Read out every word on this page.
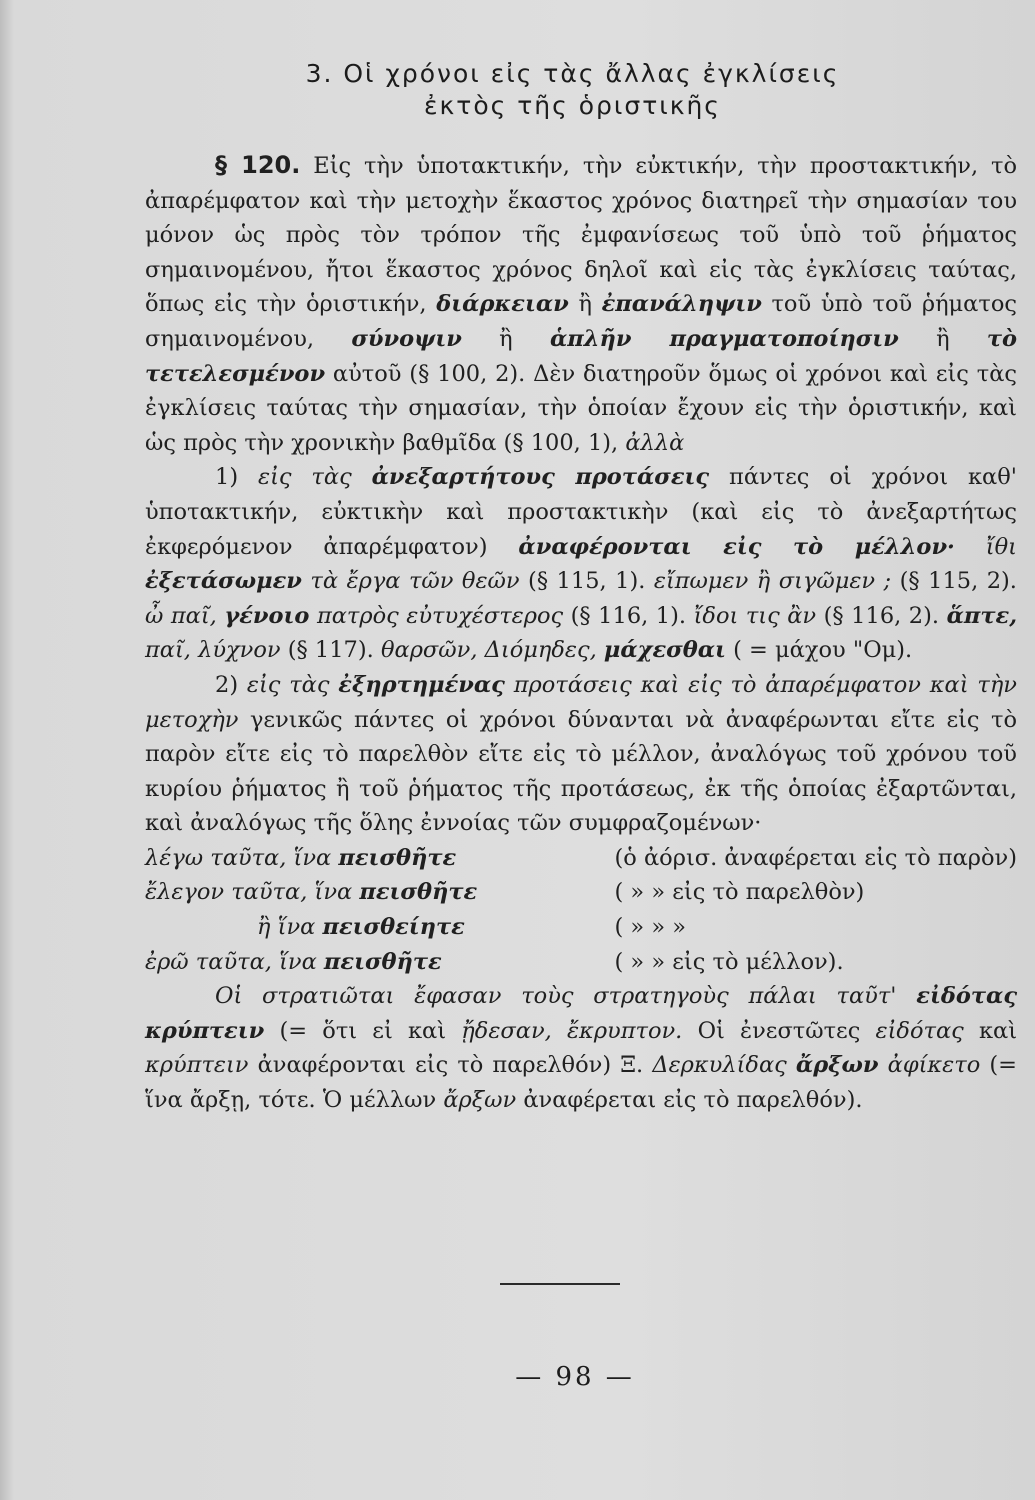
3. Οἱ χρόνοι εἰς τὰς ἄλλας ἐγκλίσεις
ἐκτὸς τῆς ὁριστικῆς

§ 120. Εἰς τὴν ὑποτακτικήν, τὴν εὐκτικήν, τὴν προστακτικήν, τὸ ἀπαρέμφατον καὶ τὴν μετοχὴν ἕκαστος χρόνος διατηρεῖ τὴν σημασίαν του μόνον ὡς πρὸς τὸν τρόπον τῆς ἐμφανίσεως τοῦ ὑπὸ τοῦ ῥήματος σημαινομένου, ἤτοι ἕκαστος χρόνος δηλοῖ καὶ εἰς τὰς ἐγκλίσεις ταύτας, ὅπως εἰς τὴν ὁριστικήν, διάρκειαν ἢ ἐπανάληψιν τοῦ ὑπὸ τοῦ ῥήματος σημαινομένου, σύνοψιν ἢ ἁπλῆν πραγματοποίησιν ἢ τὸ τετελεσμένον αὐτοῦ (§ 100, 2). Δὲν διατηροῦν ὅμως οἱ χρόνοι καὶ εἰς τὰς ἐγκλίσεις ταύτας τὴν σημασίαν, τὴν ὁποίαν ἔχουν εἰς τὴν ὁριστικήν, καὶ ὡς πρὸς τὴν χρονικὴν βαθμῖδα (§ 100, 1), ἀλλὰ

1) εἰς τὰς ἀνεξαρτήτους προτάσεις πάντες οἱ χρόνοι καθ' ὑποτακτικήν, εὐκτικὴν καὶ προστακτικὴν (καὶ εἰς τὸ ἀνεξαρτήτως ἐκφερόμενον ἀπαρέμφατον) ἀναφέρονται εἰς τὸ μέλλον· ἴθι ἐξετάσωμεν τὰ ἔργα τῶν θεῶν (§ 115, 1). εἴπωμεν ἢ σιγῶμεν ; (§ 115, 2). ὦ παῖ, γένοιο πατρὸς εὐτυχέστερος (§ 116, 1). ἴδοι τις ἂν (§ 116, 2). ἅπτε, παῖ, λύχνον (§ 117). θαρσῶν, Διόμηδες, μάχεσθαι ( = μάχου "Ομ).

2) εἰς τὰς ἐξηρτημένας προτάσεις καὶ εἰς τὸ ἀπαρέμφατον καὶ τὴν μετοχὴν γενικῶς πάντες οἱ χρόνοι δύνανται νὰ ἀναφέρωνται εἴτε εἰς τὸ παρὸν εἴτε εἰς τὸ παρελθὸν εἴτε εἰς τὸ μέλλον, ἀναλόγως τοῦ χρόνου τοῦ κυρίου ῥήματος ἢ τοῦ ῥήματος τῆς προτάσεως, ἐκ τῆς ὁποίας ἐξαρτῶνται, καὶ ἀναλόγως τῆς ὅλης ἐννοίας τῶν συμφραζομένων·

λέγω ταῦτα, ἵνα πεισθῆτε	(ὁ ἀόρισ. ἀναφέρεται εἰς τὸ παρὸν)
ἔλεγον ταῦτα, ἵνα πεισθῆτε	( » » εἰς τὸ παρελθὸν)
ἢ ἵνα πεισθείητε	( » » »
ἐρῶ ταῦτα, ἵνα πεισθῆτε	( » » εἰς τὸ μέλλον).

Οἱ στρατιῶται ἔφασαν τοὺς στρατηγοὺς πάλαι ταῦτ' εἰδότας κρύπτειν (= ὅτι εἰ καὶ ᾔδεσαν, ἔκρυπτον. Οἱ ἐνεστῶτες εἰδότας καὶ κρύπτειν ἀναφέρονται εἰς τὸ παρελθόν) Ξ. Δερκυλίδας ἄρξων ἀφίκετο (= ἵνα ἄρξῃ, τότε. Ὁ μέλλων ἄρξων ἀναφέρεται εἰς τὸ παρελθόν).

— 98 —
